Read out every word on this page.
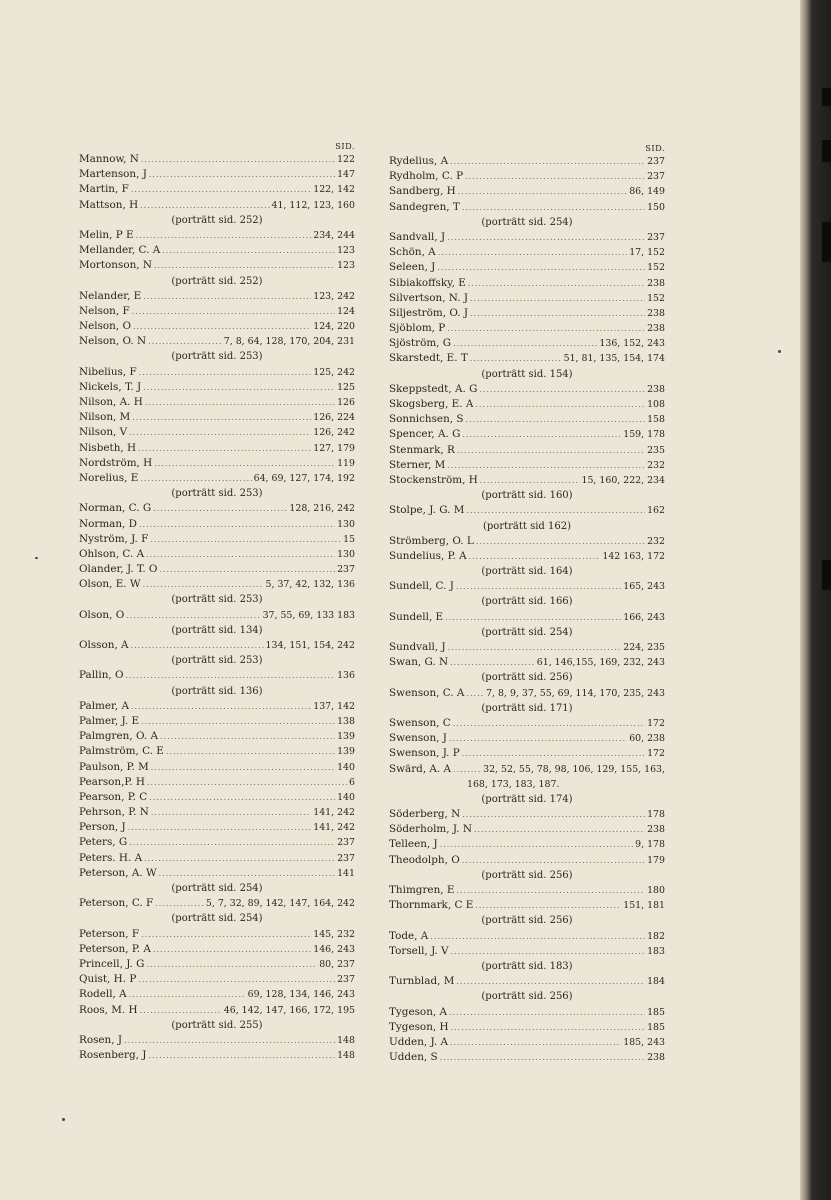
SID.
Mannow, N .....	122
Martenson, J .....	147
Martin, F .....	122, 142
Mattson, H .....	41, 112, 123, 160
(porträtt sid. 252)
Melin, P E .....	234, 244
Mellander, C. A .....	123
Mortonson, N .....	123
(porträtt sid. 252)
Nelander, E .....	123, 242
Nelson, F .....	124
Nelson, O .....	124, 220
Nelson, O. N .....	7, 8, 64, 128, 170, 204, 231
(porträtt sid. 253)
Nibelius, F .....	125, 242
Nickels, T. J .....	125
Nilson, A. H .....	126
Nilson, M .....	126, 224
Nilson, V .....	126, 242
Nisbeth, H .....	127, 179
Nordström, H .....	119
Norelius, E .....	64, 69, 127, 174, 192
(porträtt sid. 253)
Norman, C. G .....	128, 216, 242
Norman, D .....	130
Nyström, J. F .....	15
Ohlson, C. A .....	130
Olander, J. T. O .....	237
Olson, E. W .....	5, 37, 42, 132, 136
(porträtt sid. 253)
Olson, O .....	37, 55, 69, 133 183
(porträtt sid. 134)
Olsson, A .....	134, 151, 154, 242
(porträtt sid. 253)
Pallin, O .....	136
(porträtt sid. 136)
Palmer, A .....	137, 142
Palmer, J. E .....	138
Palmgren, O. A .....	139
Palmström, C. E .....	139
Paulson, P. M .....	140
Pearson,P. H .....	6
Pearson, P. C .....	140
Pehrson, P. N .....	141, 242
Person, J .....	141, 242
Peters, G .....	237
Peters. H. A .....	237
Peterson, A. W .....	141
(porträtt sid. 254)
Peterson, C. F .....	5, 7, 32, 89, 142, 147, 164, 242
(porträtt sid. 254)
Peterson, F .....	145, 232
Peterson, P. A .....	146, 243
Princell, J. G .....	80, 237
Quist, H. P .....	237
Rodell, A .....	69, 128, 134, 146, 243
Roos, M. H .....	46, 142, 147, 166, 172, 195
(porträtt sid. 255)
Rosen, J .....	148
Rosenberg, J .....	148
SID.
Rydelius, A .....	237
Rydholm, C. P .....	237
Sandberg, H .....	86, 149
Sandegren, T .....	150
(porträtt sid. 254)
Sandvall, J .....	237
Schön, A .....	17, 152
Seleen, J .....	152
Sibiakoffsky, E .....	238
Silvertson, N. J .....	152
Siljeström, O. J .....	238
Sjöblom, P .....	238
Sjöström, G .....	136, 152, 243
Skarstedt, E. T .....	51, 81, 135, 154, 174
(porträtt sid. 154)
Skeppstedt, A. G .....	238
Skogsberg, E. A .....	108
Sonnichsen, S .....	158
Spencer, A. G .....	159, 178
Stenmark, R .....	235
Sterner, M .....	232
Stockenström, H .....	15, 160, 222, 234
(porträtt sid. 160)
Stolpe, J. G. M .....	162
(porträtt sid 162)
Strömberg, O. L .....	232
Sundelius, P. A .....	142 163, 172
(porträtt sid. 164)
Sundell, C. J .....	165, 243
(porträtt sid. 166)
Sundell, E .....	166, 243
(porträtt sid. 254)
Sundvall, J .....	224, 235
Swan, G. N .....	61, 146,155, 169, 232, 243
(porträtt sid. 256)
Swenson, C. A ..... 7, 8, 9, 37, 55, 69, 114, 170, 235, 243
(porträtt sid. 171)
Swenson, C .....	172
Swenson, J .....	60, 238
Swenson, J. P .....	172
Swärd, A. A .....	32, 52, 55, 78, 98, 106, 129, 155, 163,
168, 173, 183, 187.
(porträtt sid. 174)
Söderberg, N .....	178
Söderholm, J. N .....	238
Telleen, J .....	9, 178
Theodolph, O .....	179
(porträtt sid. 256)
Thimgren, E .....	180
Thornmark, C E .....	151, 181
(porträtt sid. 256)
Tode, A .....	182
Torsell, J. V .....	183
(porträtt sid. 183)
Turnblad, M .....	184
(porträtt sid. 256)
Tygeson, A .....	185
Tygeson, H .....	185
Udden, J. A .....	185, 243
Udden, S .....	238
